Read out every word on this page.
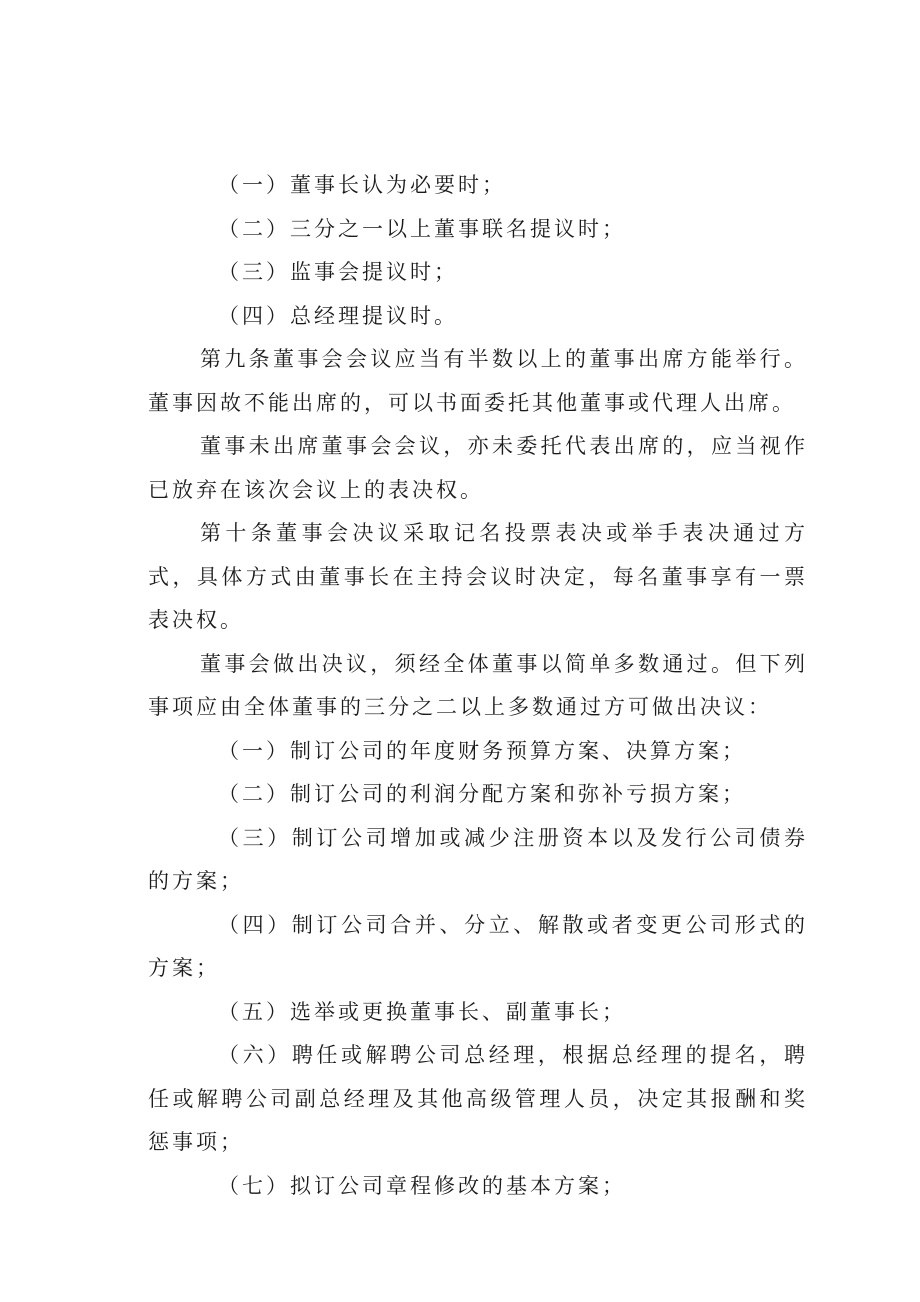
（一）董事长认为必要时；

（二）三分之一以上董事联名提议时；

（三）监事会提议时；

（四）总经理提议时。

第九条董事会会议应当有半数以上的董事出席方能举行。董事因故不能出席的，可以书面委托其他董事或代理人出席。

董事未出席董事会会议，亦未委托代表出席的，应当视作已放弃在该次会议上的表决权。

第十条董事会决议采取记名投票表决或举手表决通过方式，具体方式由董事长在主持会议时决定，每名董事享有一票表决权。

董事会做出决议，须经全体董事以简单多数通过。但下列事项应由全体董事的三分之二以上多数通过方可做出决议：

（一）制订公司的年度财务预算方案、决算方案；

（二）制订公司的利润分配方案和弥补亏损方案；

（三）制订公司增加或减少注册资本以及发行公司债券的方案；

（四）制订公司合并、分立、解散或者变更公司形式的方案；

（五）选举或更换董事长、副董事长；

（六）聘任或解聘公司总经理，根据总经理的提名，聘任或解聘公司副总经理及其他高级管理人员，决定其报酬和奖惩事项；

（七）拟订公司章程修改的基本方案；
